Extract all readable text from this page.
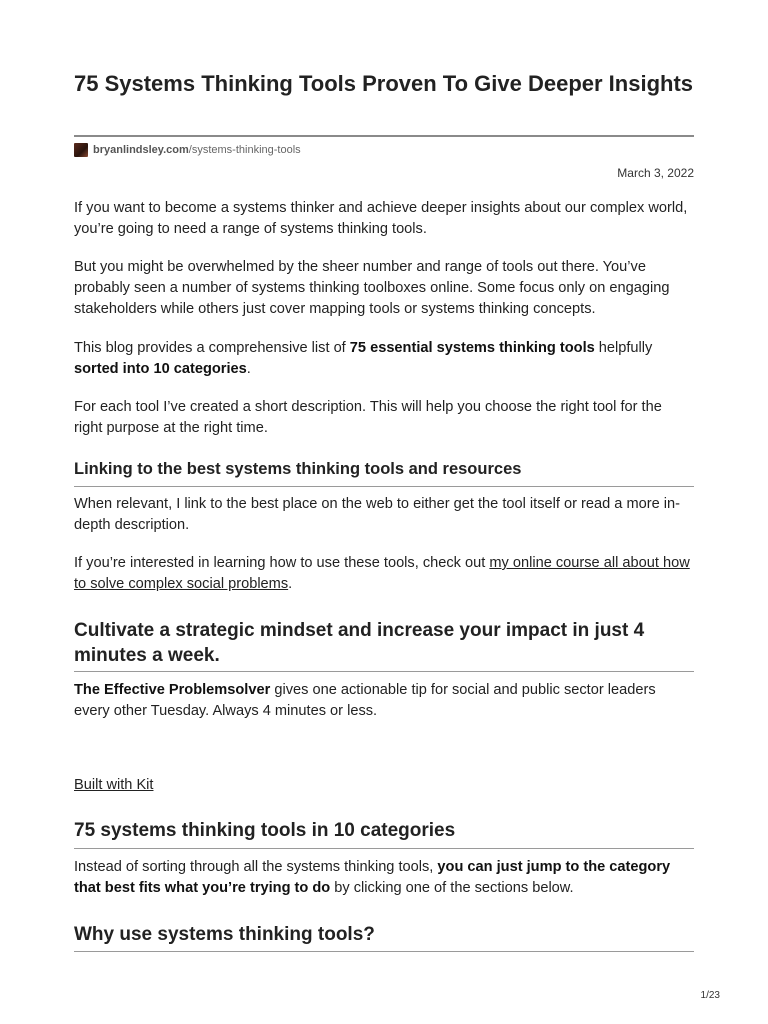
75 Systems Thinking Tools Proven To Give Deeper Insights
bryanlindsley.com /systems-thinking-tools
March 3, 2022

If you want to become a systems thinker and achieve deeper insights about our complex world, you’re going to need a range of systems thinking tools.

But you might be overwhelmed by the sheer number and range of tools out there. You’ve probably seen a number of systems thinking toolboxes online. Some focus only on engaging stakeholders while others just cover mapping tools or systems thinking concepts.

This blog provides a comprehensive list of 75 essential systems thinking tools helpfully sorted into 10 categories.

For each tool I’ve created a short description. This will help you choose the right tool for the right purpose at the right time.

Linking to the best systems thinking tools and resources

When relevant, I link to the best place on the web to either get the tool itself or read a more in-depth description.

If you’re interested in learning how to use these tools, check out my online course all about how to solve complex social problems.

Cultivate a strategic mindset and increase your impact in just 4 minutes a week.

The Effective Problemsolver gives one actionable tip for social and public sector leaders every other Tuesday. Always 4 minutes or less.

Built with Kit
75 systems thinking tools in 10 categories

Instead of sorting through all the systems thinking tools, you can just jump to the category that best fits what you’re trying to do by clicking one of the sections below.

Why use systems thinking tools?
1/23
